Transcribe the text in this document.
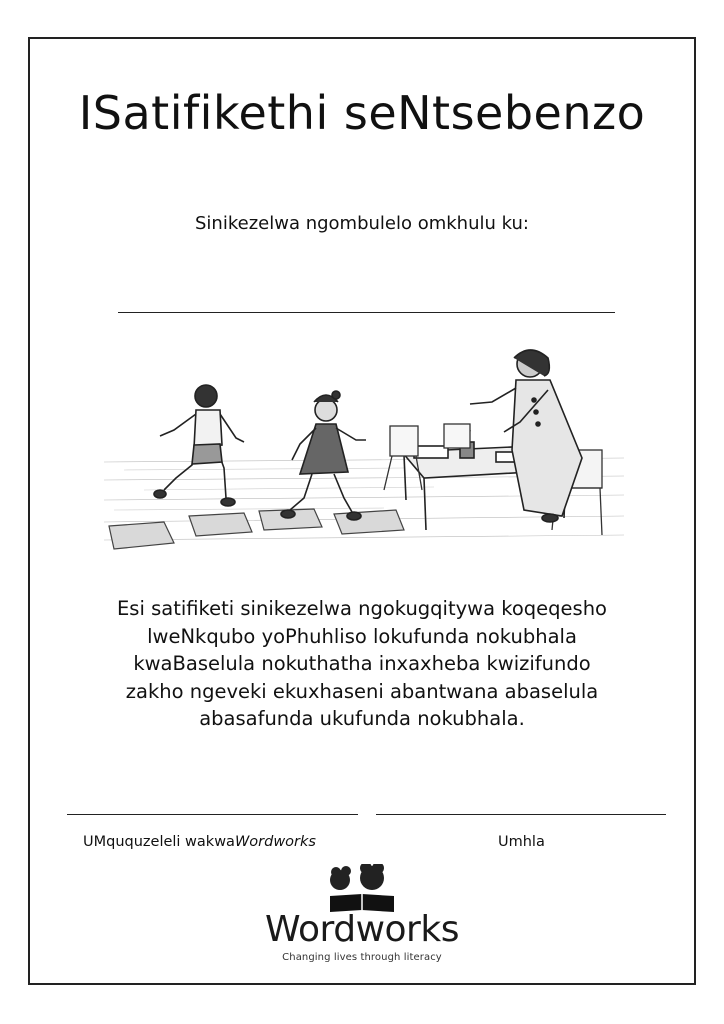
ISatifikethi seNtsebenzo
Sinikezelwa ngombulelo omkhulu ku:
Esi satifiketi sinikezelwa ngokugqitywa koqeqesho
lweNkqubo yoPhuhliso lokufunda nokubhala
kwaBaselula nokuthatha inxaxheba kwizifundo
zakho ngeveki ekuxhaseni abantwana abaselula
abasafunda ukufunda nokubhala.
UMququzeleli wakwaWordworks	Umhla
Wordworks
Changing lives through literacy
